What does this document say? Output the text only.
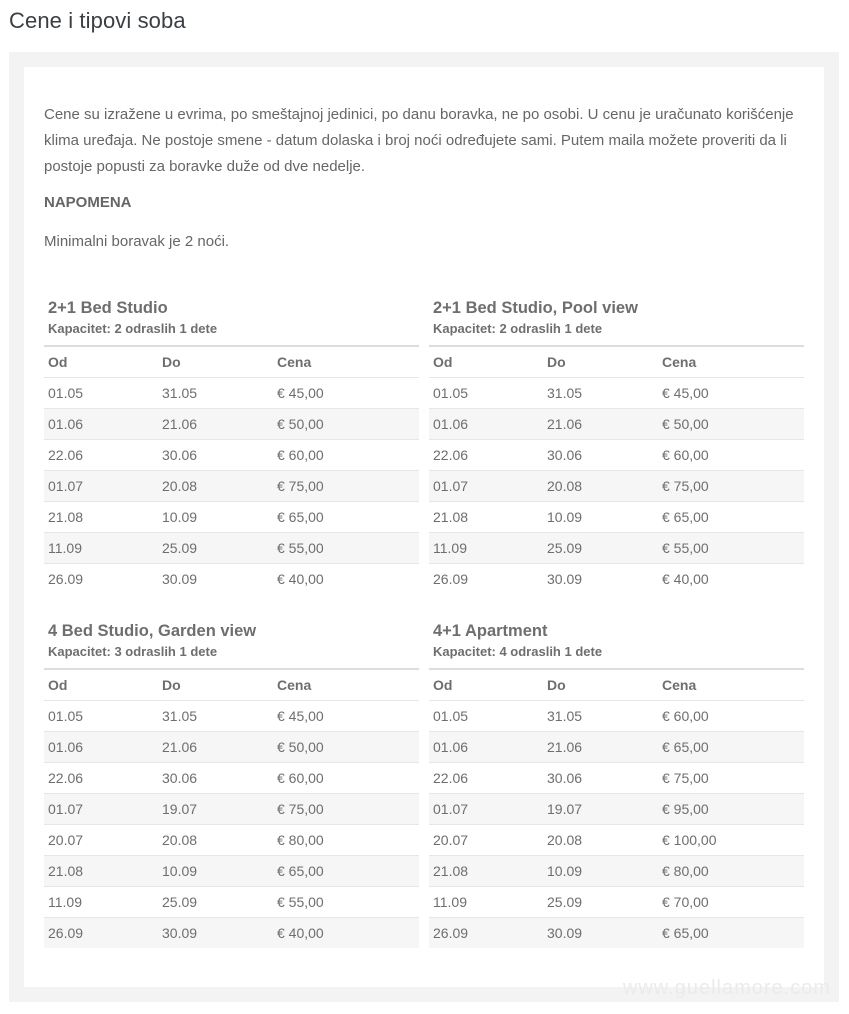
Cene i tipovi soba

Cene su izražene u evrima, po smeštajnoj jedinici, po danu boravka, ne po osobi. U cenu je uračunato korišćenje klima uređaja. Ne postoje smene - datum dolaska i broj noći određujete sami. Putem maila možete proveriti da li postoje popusti za boravke duže od dve nedelje.

NAPOMENA

Minimalni boravak je 2 noći.

2+1 Bed Studio
Kapacitet: 2 odraslih 1 dete
Od	Do	Cena
01.05	31.05	€ 45,00
01.06	21.06	€ 50,00
22.06	30.06	€ 60,00
01.07	20.08	€ 75,00
21.08	10.09	€ 65,00
11.09	25.09	€ 55,00
26.09	30.09	€ 40,00
2+1 Bed Studio, Pool view
Kapacitet: 2 odraslih 1 dete
Od	Do	Cena
01.05	31.05	€ 45,00
01.06	21.06	€ 50,00
22.06	30.06	€ 60,00
01.07	20.08	€ 75,00
21.08	10.09	€ 65,00
11.09	25.09	€ 55,00
26.09	30.09	€ 40,00
4 Bed Studio, Garden view
Kapacitet: 3 odraslih 1 dete
Od	Do	Cena
01.05	31.05	€ 45,00
01.06	21.06	€ 50,00
22.06	30.06	€ 60,00
01.07	19.07	€ 75,00
20.07	20.08	€ 80,00
21.08	10.09	€ 65,00
11.09	25.09	€ 55,00
26.09	30.09	€ 40,00
4+1 Apartment
Kapacitet: 4 odraslih 1 dete
Od	Do	Cena
01.05	31.05	€ 60,00
01.06	21.06	€ 65,00
22.06	30.06	€ 75,00
01.07	19.07	€ 95,00
20.07	20.08	€ 100,00
21.08	10.09	€ 80,00
11.09	25.09	€ 70,00
26.09	30.09	€ 65,00
www.guellamore.com
